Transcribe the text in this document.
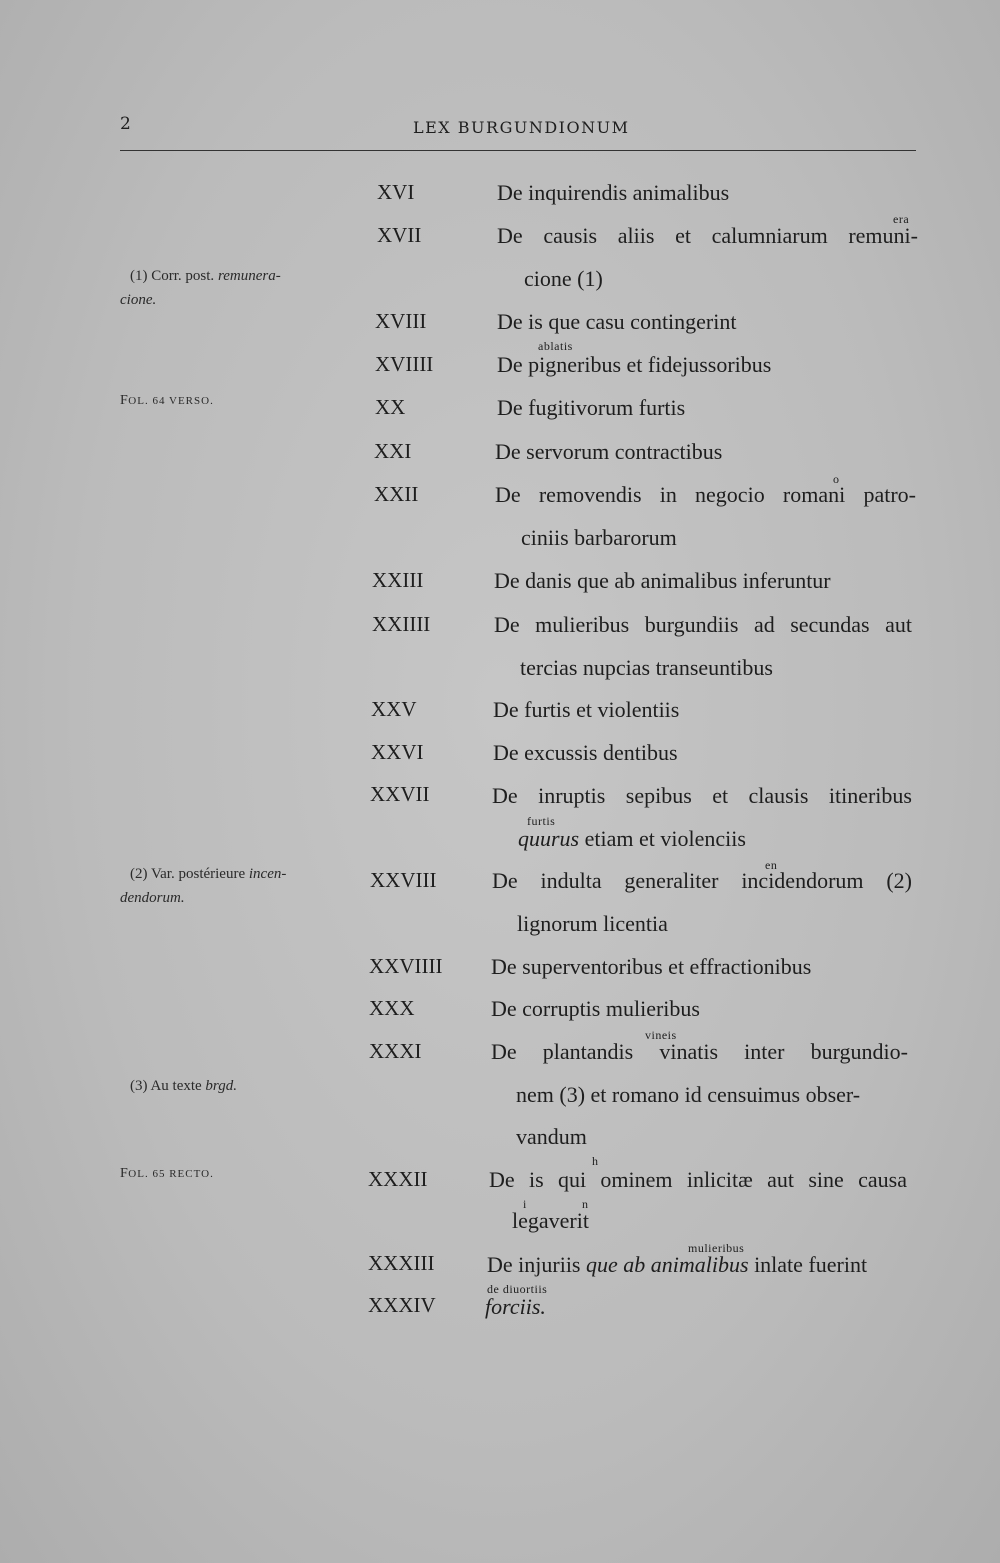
2	LEX BURGUNDIONUM
(1) Corr. post. remunera-
cione.
FOL. 64 VERSO.
(2) Var. postérieure incen-
dendorum.
(3) Au texte brgd.
FOL. 65 RECTO.
XVI
XVII
XVIII
XVIIII
XX
XXI
XXII
XXIII
XXIIII
XXV
XXVI
XXVII
XXVIII
XXVIIII
XXX
XXXI
XXXII
XXXIII
XXXIV
De inquirendis animalibus
era
De causis aliis et calumniarum remuni-
cione (1)
De is que casu contingerint
ablatis
De pigneribus et fidejussoribus
De fugitivorum furtis
De servorum contractibus
o
De removendis in negocio romani patro-
ciniis barbarorum
De danis que ab animalibus inferuntur
De mulieribus burgundiis ad secundas aut
tercias nupcias transeuntibus
De furtis et violentiis
De excussis dentibus
De inruptis sepibus et clausis itineribus
furtis
quurus etiam et violenciis
en
De indulta generaliter incidendorum (2)
lignorum licentia
De superventoribus et effractionibus
De corruptis mulieribus
vineis
De plantandis vinatis inter burgundio-
nem (3) et romano id censuimus obser-
vandum
h
De is qui ominem inlicitæ aut sine causa
i	n
legaverit
mulieribus
De injuriis que ab animalibus inlate fuerint
de diuortiis
forciis.
